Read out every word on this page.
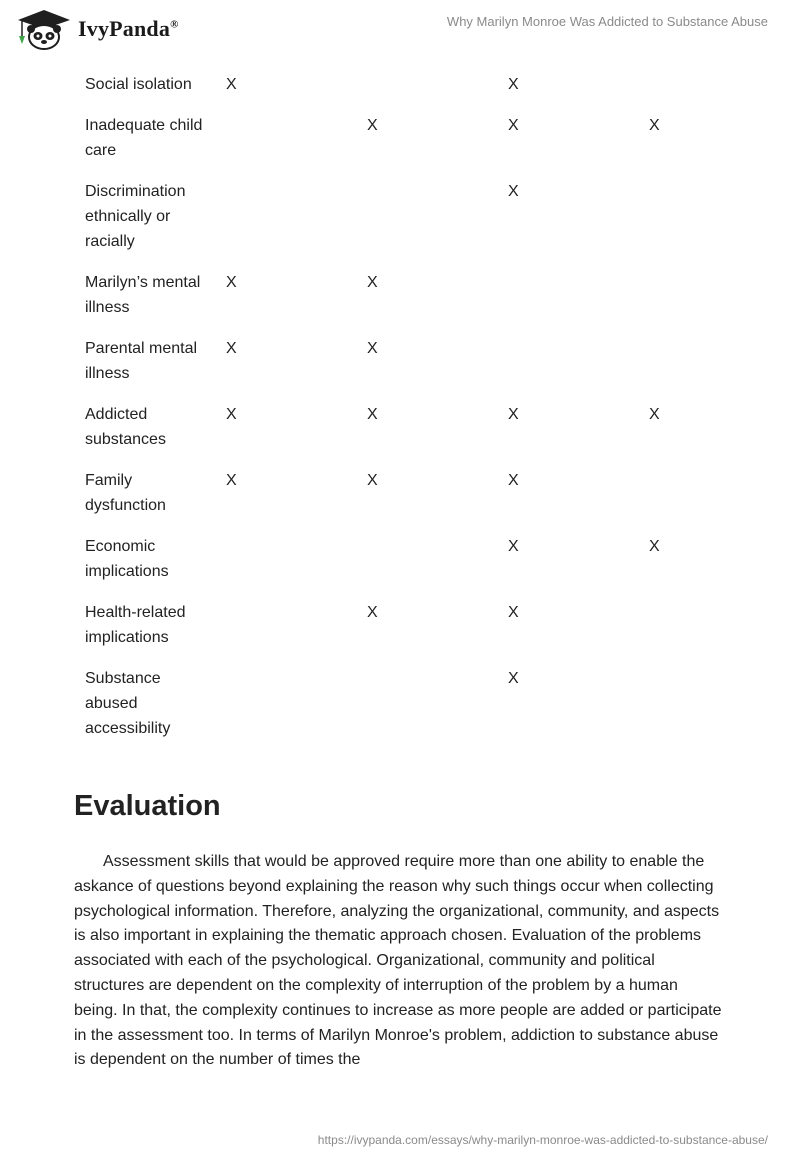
IvyPanda®	Why Marilyn Monroe Was Addicted to Substance Abuse
Social isolation	X		X	
Inadequate child care		X	X	X
Discrimination ethnically or racially			X	
Marilyn’s mental illness	X	X		
Parental mental illness	X	X		
Addicted substances	X	X	X	X
Family dysfunction	X	X	X	
Economic implications			X	X
Health-related implications		X	X	
Substance abused accessibility			X	
Evaluation

Assessment skills that would be approved require more than one ability to enable the askance of questions beyond explaining the reason why such things occur when collecting psychological information. Therefore, analyzing the organizational, community, and aspects is also important in explaining the thematic approach chosen. Evaluation of the problems associated with each of the psychological. Organizational, community and political structures are dependent on the complexity of interruption of the problem by a human being. In that, the complexity continues to increase as more people are added or participate in the assessment too. In terms of Marilyn Monroe's problem, addiction to substance abuse is dependent on the number of times the

https://ivypanda.com/essays/why-marilyn-monroe-was-addicted-to-substance-abuse/
